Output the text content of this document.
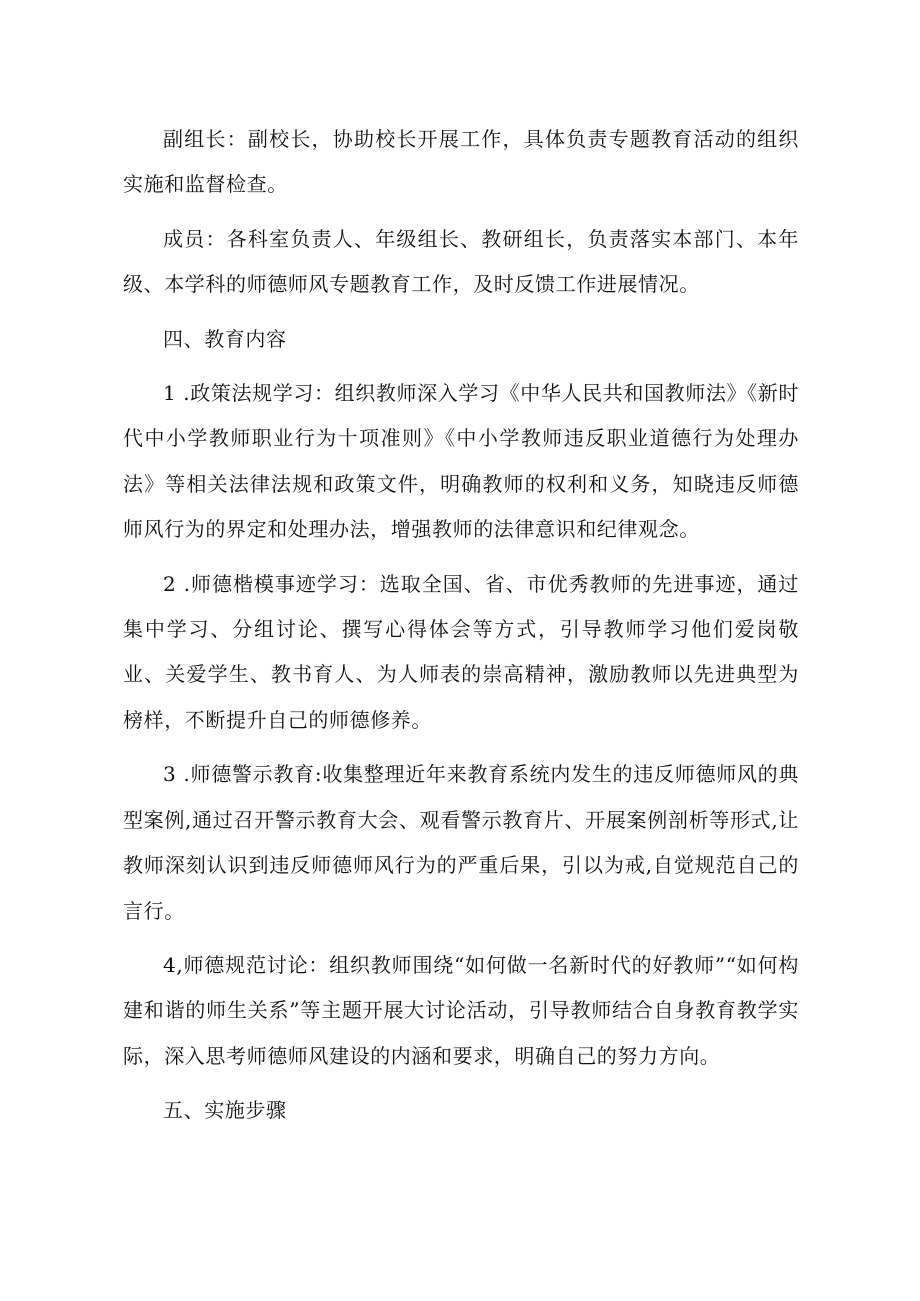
副组长：副校长，协助校长开展工作，具体负责专题教育活动的组织实施和监督检查。

成员：各科室负责人、年级组长、教研组长，负责落实本部门、本年级、本学科的师德师风专题教育工作，及时反馈工作进展情况。

四、教育内容

1 .政策法规学习：组织教师深入学习《中华人民共和国教师法》《新时代中小学教师职业行为十项准则》《中小学教师违反职业道德行为处理办法》等相关法律法规和政策文件，明确教师的权利和义务，知晓违反师德师风行为的界定和处理办法，增强教师的法律意识和纪律观念。

2 .师德楷模事迹学习：选取全国、省、市优秀教师的先进事迹，通过集中学习、分组讨论、撰写心得体会等方式，引导教师学习他们爱岗敬业、关爱学生、教书育人、为人师表的崇高精神，激励教师以先进典型为榜样，不断提升自己的师德修养。

3 .师德警示教育:收集整理近年来教育系统内发生的违反师德师风的典型案例,通过召开警示教育大会、观看警示教育片、开展案例剖析等形式,让教师深刻认识到违反师德师风行为的严重后果，引以为戒,自觉规范自己的言行。

4,师德规范讨论：组织教师围绕“如何做一名新时代的好教师”“如何构建和谐的师生关系”等主题开展大讨论活动，引导教师结合自身教育教学实际，深入思考师德师风建设的内涵和要求，明确自己的努力方向。

五、实施步骤
